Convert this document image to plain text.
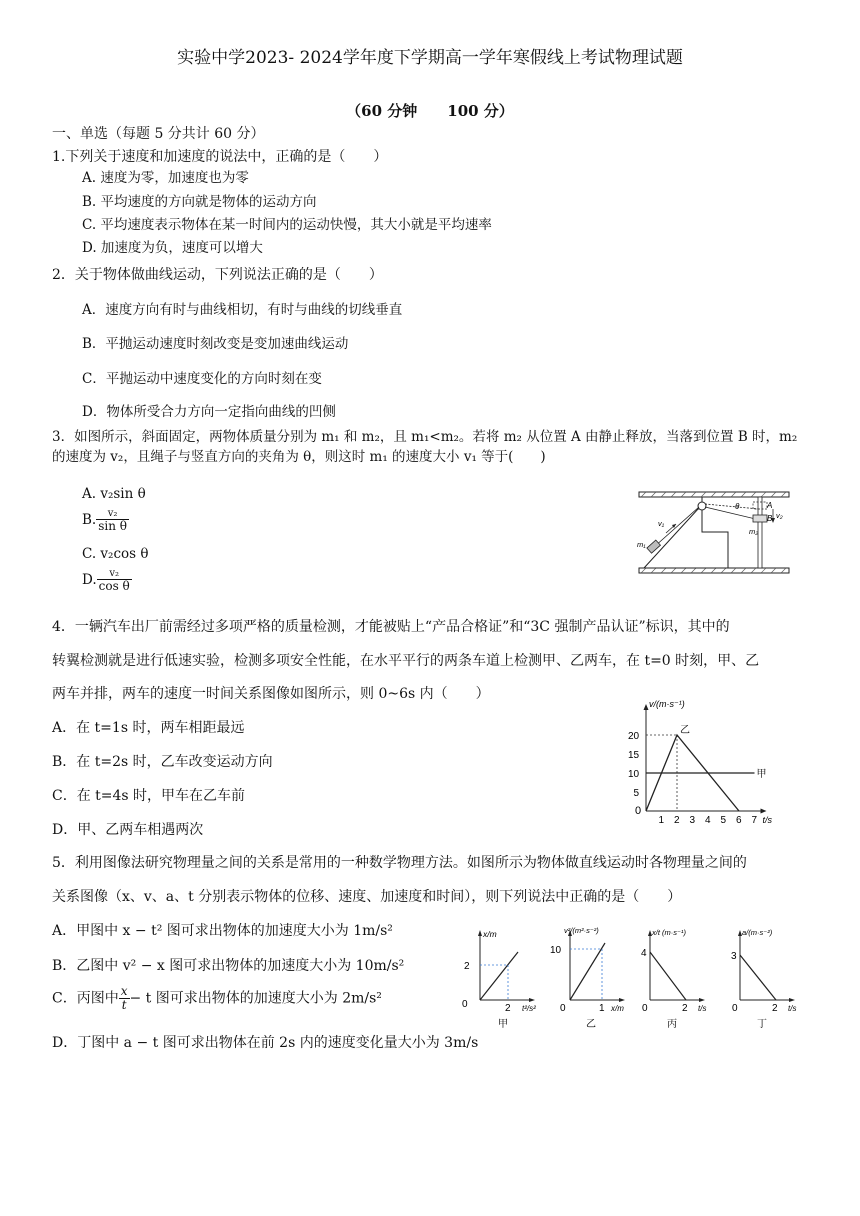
实验中学2023- 2024学年度下学期高一学年寒假线上考试物理试题
（60 分钟　　100 分）
一、单选（每题 5 分共计 60 分）
1.下列关于速度和加速度的说法中，正确的是（　　）
A. 速度为零，加速度也为零
B. 平均速度的方向就是物体的运动方向
C. 平均速度表示物体在某一时间内的运动快慢，其大小就是平均速率
D. 加速度为负，速度可以增大
2．关于物体做曲线运动，下列说法正确的是（　　）
A．速度方向有时与曲线相切，有时与曲线的切线垂直
B．平抛运动速度时刻改变是变加速曲线运动
C．平抛运动中速度变化的方向时刻在变
D．物体所受合力方向一定指向曲线的凹侧
3．如图所示，斜面固定，两物体质量分别为 m₁ 和 m₂，且 m₁<m₂。若将 m₂ 从位置 A 由静止释放，当落到位置 B 时，m₂
的速度为 v₂，且绳子与竖直方向的夹角为 θ，则这时 m₁ 的速度大小 v₁ 等于(　　)
A. v₂sin θ
B. $\frac{\text{v₂}}{\text{sin θ}}$
C. v₂cos θ
D. $\frac{\text{v₂}}{\text{cos θ}}$
θ	A
B v₂
v₁
m₁
m₂
4．一辆汽车出厂前需经过多项严格的质量检测，才能被贴上“产品合格证”和“3C 强制产品认证”标识，其中的
转翼检测就是进行低速实验，检测多项安全性能，在水平平行的两条车道上检测甲、乙两车，在 t=0 时刻，甲、乙
两车并排，两车的速度一时间关系图像如图所示，则 0~6s 内（　　）
A．在 t=1s 时，两车相距最远
B．在 t=2s 时，乙车改变运动方向
C．在 t=4s 时，甲车在乙车前
D．甲、乙两车相遇两次
1 2 3 4 5 6 7
5
10
15
20
v/(m·s⁻¹)
t/s
0
甲
乙
5．利用图像法研究物理量之间的关系是常用的一种数学物理方法。如图所示为物体做直线运动时各物理量之间的
关系图像（x、v、a、t 分别表示物体的位移、速度、加速度和时间），则下列说法中正确的是（　　）
A．甲图中 x − t² 图可求出物体的加速度大小为 1m/s²
B．乙图中 v² − x 图可求出物体的加速度大小为 10m/s²
C．丙图中 $\frac{x}{t} - t$ 图可求出物体的加速度大小为 2m/s²
D．丁图中 a − t 图可求出物体在前 2s 内的速度变化量大小为 3m/s
0
2
2
x/m
t²/s²
甲
0
10
1
v²/(m²·s⁻²)
x/m
乙
0
4
2
x/t (m·s⁻¹)
t/s
丙
0
3
2
a/(m·s⁻²)
t/s
丁
